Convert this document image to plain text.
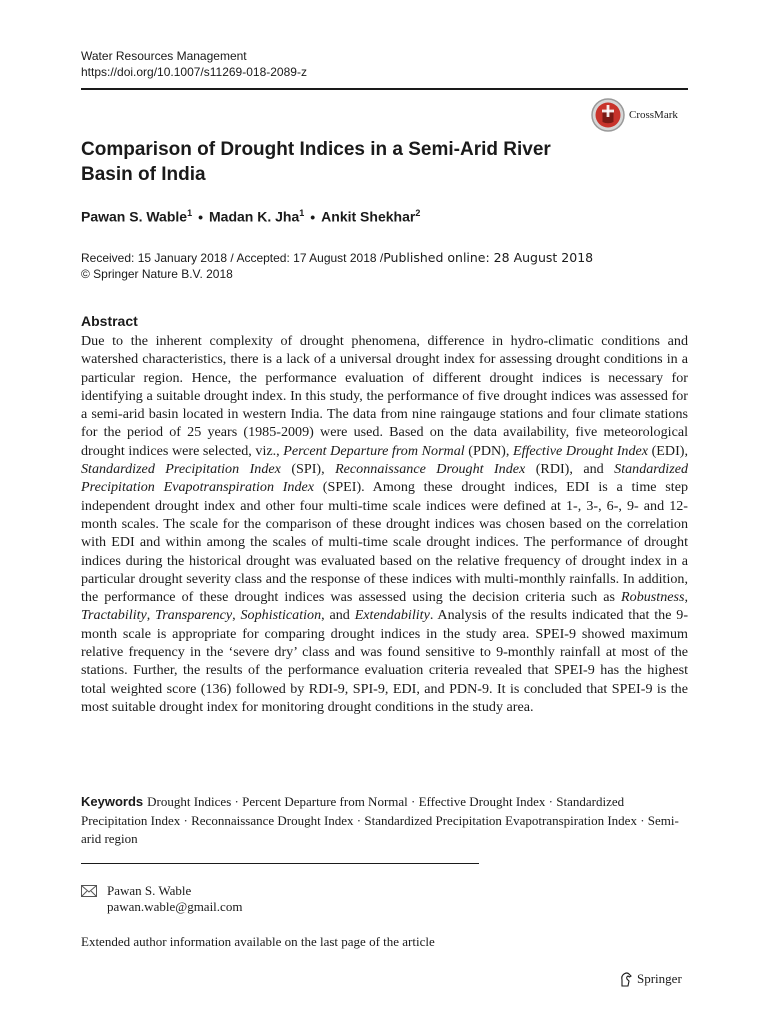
Water Resources Management
https://doi.org/10.1007/s11269-018-2089-z
CrossMark
Comparison of Drought Indices in a Semi-Arid River Basin of India
Pawan S. Wable$^1$ • Madan K. Jha$^1$ • Ankit Shekhar$^2$
Received: 15 January 2018 / Accepted: 17 August 2018 /Published online: 28 August 2018
© Springer Nature B.V. 2018
Abstract

Due to the inherent complexity of drought phenomena, difference in hydro-climatic conditions and watershed characteristics, there is a lack of a universal drought index for assessing drought conditions in a particular region. Hence, the performance evaluation of different drought indices is necessary for identifying a suitable drought index. In this study, the performance of five drought indices was assessed for a semi-arid basin located in western India. The data from nine raingauge stations and four climate stations for the period of 25 years (1985-2009) were used. Based on the data availability, five meteorological drought indices were selected, viz., Percent Departure from Normal (PDN), Effective Drought Index (EDI), Standardized Precipitation Index (SPI), Reconnaissance Drought Index (RDI), and Standardized Precipitation Evapotranspiration Index (SPEI). Among these drought indices, EDI is a time step independent drought index and other four multi-time scale indices were defined at 1-, 3-, 6-, 9- and 12-month scales. The scale for the comparison of these drought indices was chosen based on the correlation with EDI and within among the scales of multi-time scale drought indices. The performance of drought indices during the historical drought was evaluated based on the relative frequency of drought index in a particular drought severity class and the response of these indices with multi-monthly rainfalls. In addition, the performance of these drought indices was assessed using the decision criteria such as Robustness, Tractability, Transparency, Sophistication, and Extendability. Analysis of the results indicated that the 9-month scale is appropriate for comparing drought indices in the study area. SPEI-9 showed maximum relative frequency in the ‘severe dry’ class and was found sensitive to 9-monthly rainfall at most of the stations. Further, the results of the performance evaluation criteria revealed that SPEI-9 has the highest total weighted score (136) followed by RDI-9, SPI-9, EDI, and PDN-9. It is concluded that SPEI-9 is the most suitable drought index for monitoring drought conditions in the study area.

Keywords Drought Indices · Percent Departure from Normal · Effective Drought Index · Standardized Precipitation Index · Reconnaissance Drought Index · Standardized Precipitation Evapotranspiration Index · Semi-arid region

Pawan S. Wable
pawan.wable@gmail.com
Extended author information available on the last page of the article
Springer
